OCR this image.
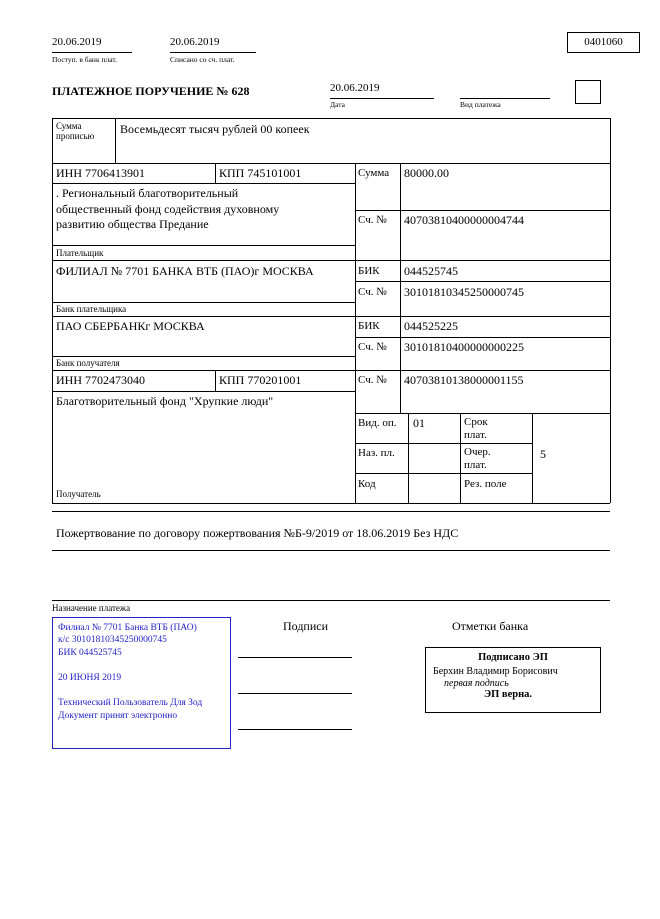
20.06.2019
Поступ. в банк плат.
20.06.2019
Списано со сч. плат.
0401060
ПЛАТЕЖНОЕ ПОРУЧЕНИЕ № 628	20.06.2019
Дата	Вид платежа
Сумма прописью
Восемьдесят тысяч рублей 00 копеек
ИНН 7706413901	КПП 745101001	Сумма 80000.00
. Региональный благотворительный общественный фонд содействия духовному развитию общества Предание	Сч. № 40703810400000004744
Плательщик
ФИЛИАЛ № 7701 БАНКА ВТБ (ПАО)г МОСКВА	БИК 044525745
Сч. № 30101810345250000745
Банк плательщика
ПАО СБЕРБАНКг МОСКВА	БИК 044525225
Сч. № 30101810400000000225
Банк получателя
ИНН 7702473040	КПП 770201001	Сч. № 40703810138000001155
Благотворительный фонд "Хрупкие люди"
Получатель
Вид. оп. 01	Срок плат.
Наз. пл.	Очер. плат.
5
Код	Рез. поле
Пожертвование по договору пожертвования №Б-9/2019 от 18.06.2019 Без НДС
Назначение платежа
Филиал № 7701 Банка ВТБ (ПАО)
к/с 30101810345250000745
БИК 044525745
20 ИЮНЯ 2019
Технический Пользователь Для Зод
Документ принят электронно
Подписи	Отметки банка
Подписано ЭП
Берхин Владимир Борисович
первая подпись
ЭП верна.
